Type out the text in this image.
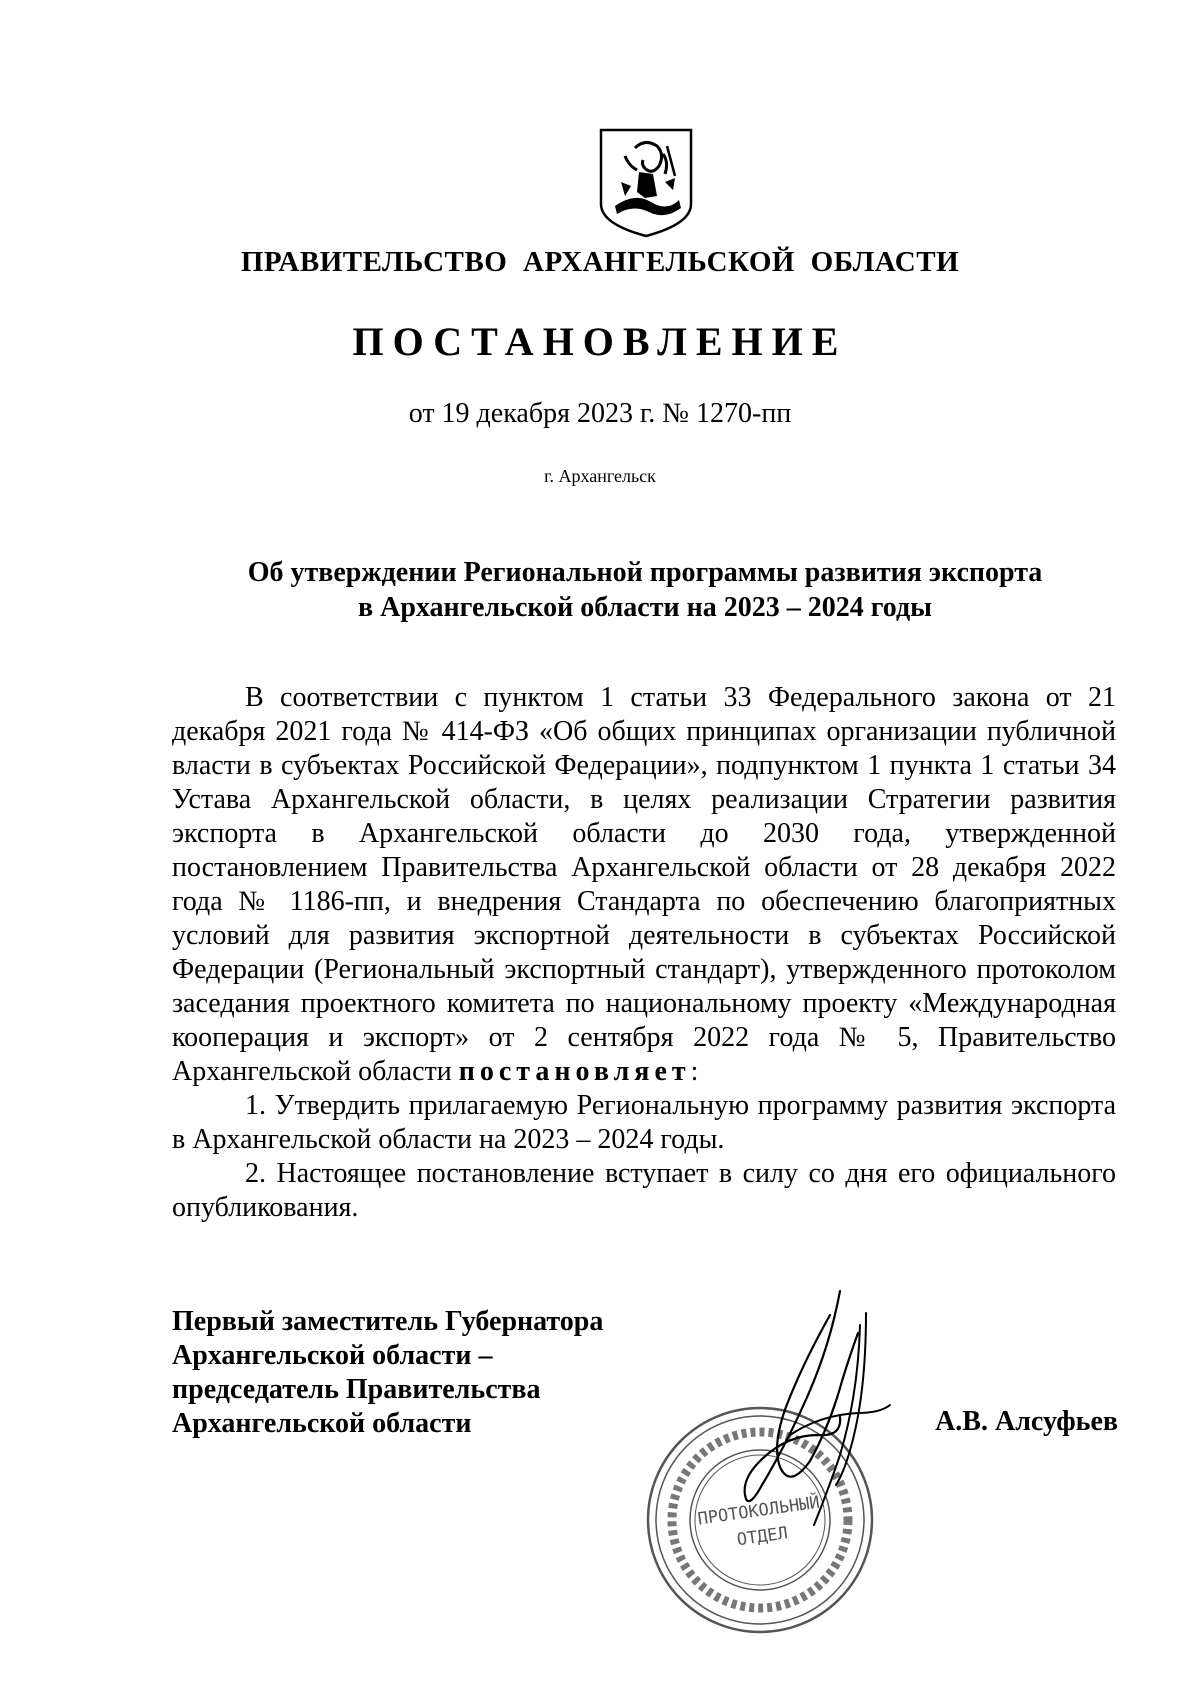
ПРАВИТЕЛЬСТВО АРХАНГЕЛЬСКОЙ ОБЛАСТИ
ПОСТАНОВЛЕНИЕ
от 19 декабря 2023 г. № 1270-пп
г. Архангельск
Об утверждении Региональной программы развития экспорта
в Архангельской области на 2023 – 2024 годы

В соответствии с пунктом 1 статьи 33 Федерального закона от 21 декабря 2021 года № 414-ФЗ «Об общих принципах организации публичной власти в субъектах Российской Федерации», подпунктом 1 пункта 1 статьи 34 Устава Архангельской области, в целях реализации Стратегии развития экспорта в Архангельской области до 2030 года, утвержденной постановлением Правительства Архангельской области от 28 декабря 2022 года № 1186-пп, и внедрения Стандарта по обеспечению благоприятных условий для развития экспортной деятельности в субъектах Российской Федерации (Региональный экспортный стандарт), утвержденного протоколом заседания проектного комитета по национальному проекту «Международная кооперация и экспорт» от 2 сентября 2022 года № 5, Правительство Архангельской области постановляет:

1. Утвердить прилагаемую Региональную программу развития экспорта в Архангельской области на 2023 – 2024 годы.

2. Настоящее постановление вступает в силу со дня его официального опубликования.

Первый заместитель Губернатора
Архангельской области –
председатель Правительства
Архангельской области	А.В. Алсуфьев
ПРОТОКОЛЬНЫЙ
ОТДЕЛ
